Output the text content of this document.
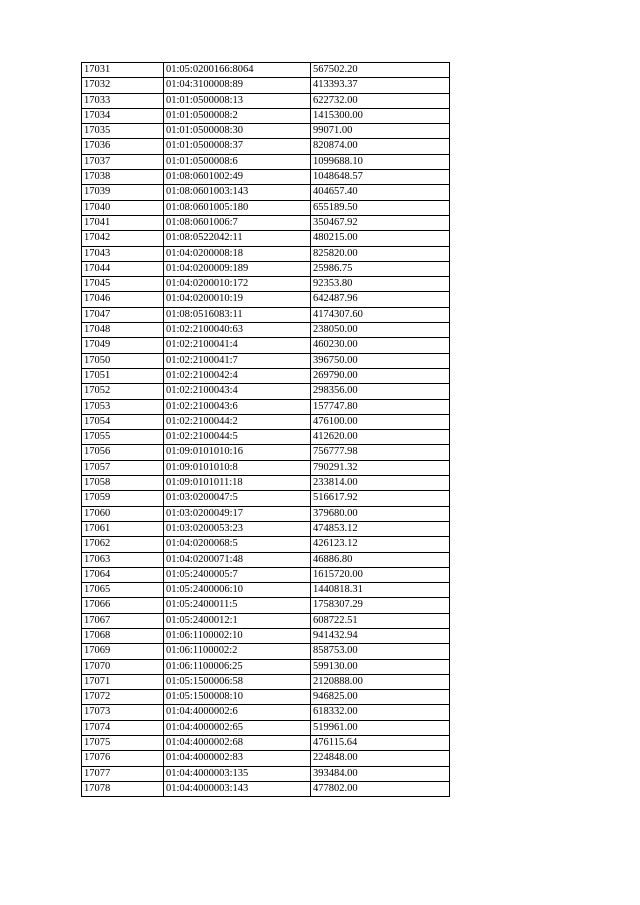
17031	01:05:0200166:8064	567502.20
17032	01:04:3100008:89	413393.37
17033	01:01:0500008:13	622732.00
17034	01:01:0500008:2	1415300.00
17035	01:01:0500008:30	99071.00
17036	01:01:0500008:37	820874.00
17037	01:01:0500008:6	1099688.10
17038	01:08:0601002:49	1048648.57
17039	01:08:0601003:143	404657.40
17040	01:08:0601005:180	655189.50
17041	01:08:0601006:7	350467.92
17042	01:08:0522042:11	480215.00
17043	01:04:0200008:18	825820.00
17044	01:04:0200009:189	25986.75
17045	01:04:0200010:172	92353.80
17046	01:04:0200010:19	642487.96
17047	01:08:0516083:11	4174307.60
17048	01:02:2100040:63	238050.00
17049	01:02:2100041:4	460230.00
17050	01:02:2100041:7	396750.00
17051	01:02:2100042:4	269790.00
17052	01:02:2100043:4	298356.00
17053	01:02:2100043:6	157747.80
17054	01:02:2100044:2	476100.00
17055	01:02:2100044:5	412620.00
17056	01:09:0101010:16	756777.98
17057	01:09:0101010:8	790291.32
17058	01:09:0101011:18	233814.00
17059	01:03:0200047:5	516617.92
17060	01:03:0200049:17	379680.00
17061	01:03:0200053:23	474853.12
17062	01:04:0200068:5	426123.12
17063	01:04:0200071:48	46886.80
17064	01:05:2400005:7	1615720.00
17065	01:05:2400006:10	1440818.31
17066	01:05:2400011:5	1758307.29
17067	01:05:2400012:1	608722.51
17068	01:06:1100002:10	941432.94
17069	01:06:1100002:2	858753.00
17070	01:06:1100006:25	599130.00
17071	01:05:1500006:58	2120888.00
17072	01:05:1500008:10	946825.00
17073	01:04:4000002:6	618332.00
17074	01:04:4000002:65	519961.00
17075	01:04:4000002:68	476115.64
17076	01:04:4000002:83	224848.00
17077	01:04:4000003:135	393484.00
17078	01:04:4000003:143	477802.00
